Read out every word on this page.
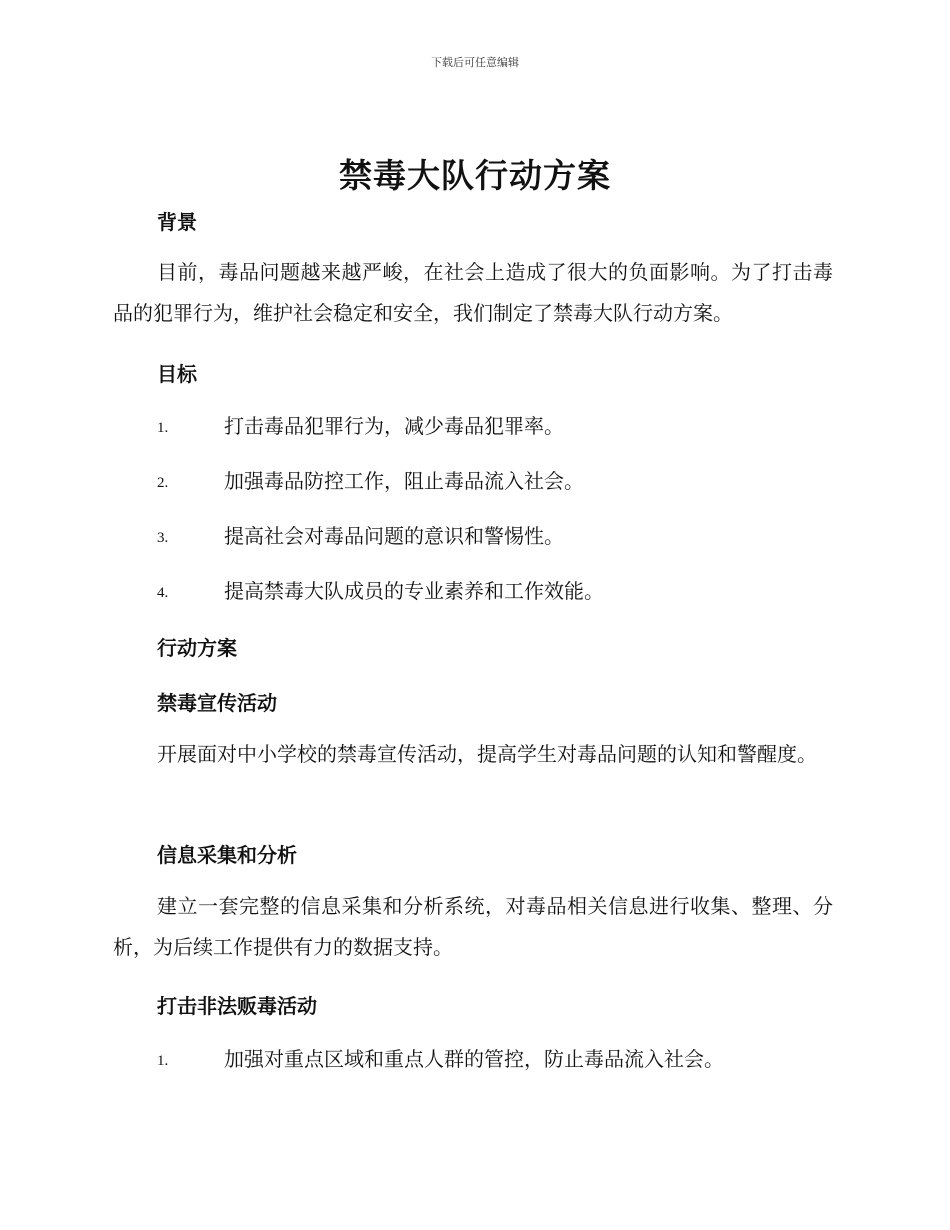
下载后可任意编辑
禁毒大队行动方案
背景
目前，毒品问题越来越严峻，在社会上造成了很大的负面影响。为了打击毒品的犯罪行为，维护社会稳定和安全，我们制定了禁毒大队行动方案。
目标
1.	打击毒品犯罪行为，减少毒品犯罪率。
2.	加强毒品防控工作，阻止毒品流入社会。
3.	提高社会对毒品问题的意识和警惕性。
4.	提高禁毒大队成员的专业素养和工作效能。
行动方案
禁毒宣传活动
开展面对中小学校的禁毒宣传活动，提高学生对毒品问题的认知和警醒度。
信息采集和分析
建立一套完整的信息采集和分析系统，对毒品相关信息进行收集、整理、分析，为后续工作提供有力的数据支持。
打击非法贩毒活动
1.	加强对重点区域和重点人群的管控，防止毒品流入社会。
